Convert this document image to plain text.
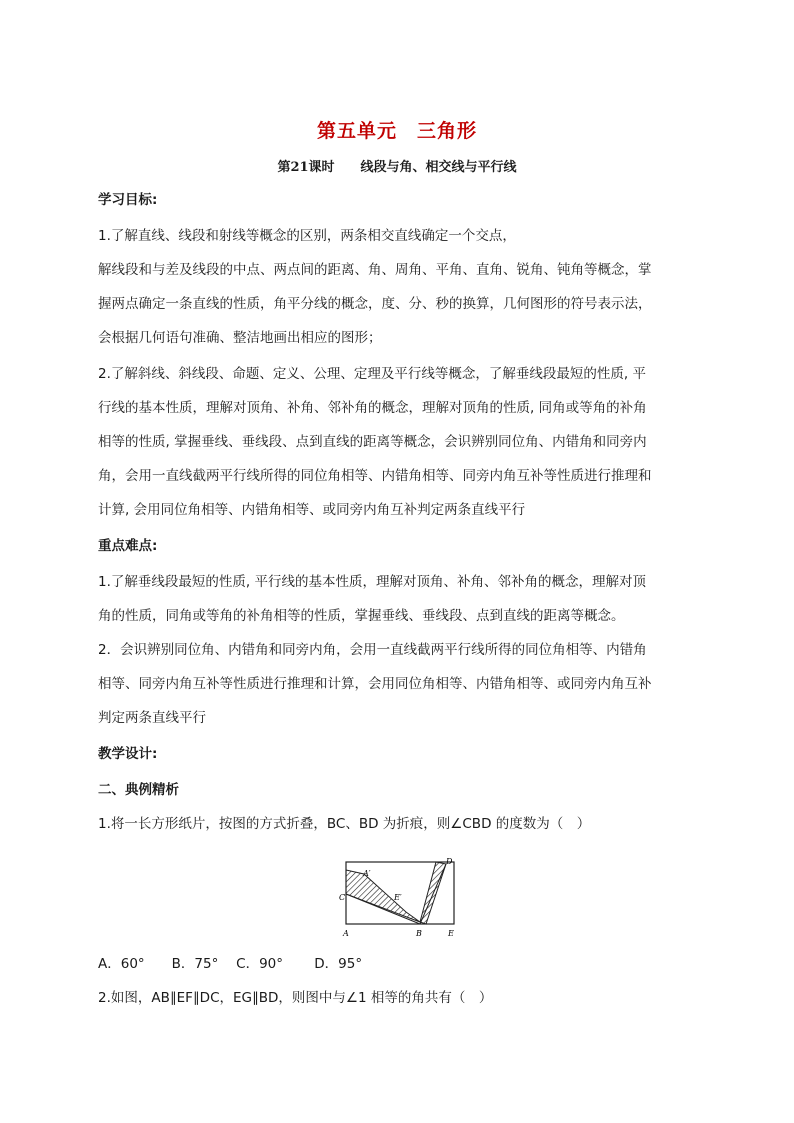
第五单元　三角形
第21课时　　线段与角、相交线与平行线
学习目标:
1.了解直线、线段和射线等概念的区别，两条相交直线确定一个交点，
解线段和与差及线段的中点、两点间的距离、角、周角、平角、直角、锐角、钝角等概念，掌
握两点确定一条直线的性质，角平分线的概念，度、分、秒的换算，几何图形的符号表示法，
会根据几何语句准确、整洁地画出相应的图形；
2.了解斜线、斜线段、命题、定义、公理、定理及平行线等概念，了解垂线段最短的性质, 平
行线的基本性质，理解对顶角、补角、邻补角的概念，理解对顶角的性质, 同角或等角的补角
相等的性质, 掌握垂线、垂线段、点到直线的距离等概念，会识辨别同位角、内错角和同旁内
角，会用一直线截两平行线所得的同位角相等、内错角相等、同旁内角互补等性质进行推理和
计算, 会用同位角相等、内错角相等、或同旁内角互补判定两条直线平行
重点难点:
1.了解垂线段最短的性质, 平行线的基本性质，理解对顶角、补角、邻补角的概念，理解对顶
角的性质，同角或等角的补角相等的性质，掌握垂线、垂线段、点到直线的距离等概念。
2．会识辨别同位角、内错角和同旁内角，会用一直线截两平行线所得的同位角相等、内错角
相等、同旁内角互补等性质进行推理和计算，会用同位角相等、内错角相等、或同旁内角互补
判定两条直线平行
教学设计:
二、典例精析
1.将一长方形纸片，按图的方式折叠，BC、BD 为折痕，则∠CBD 的度数为（　）
A′
D
C	E′
A	B	E
A．60°　　B．75°　 C．90°　　 D．95°
2.如图，AB∥EF∥DC，EG∥BD，则图中与∠1 相等的角共有（　）
